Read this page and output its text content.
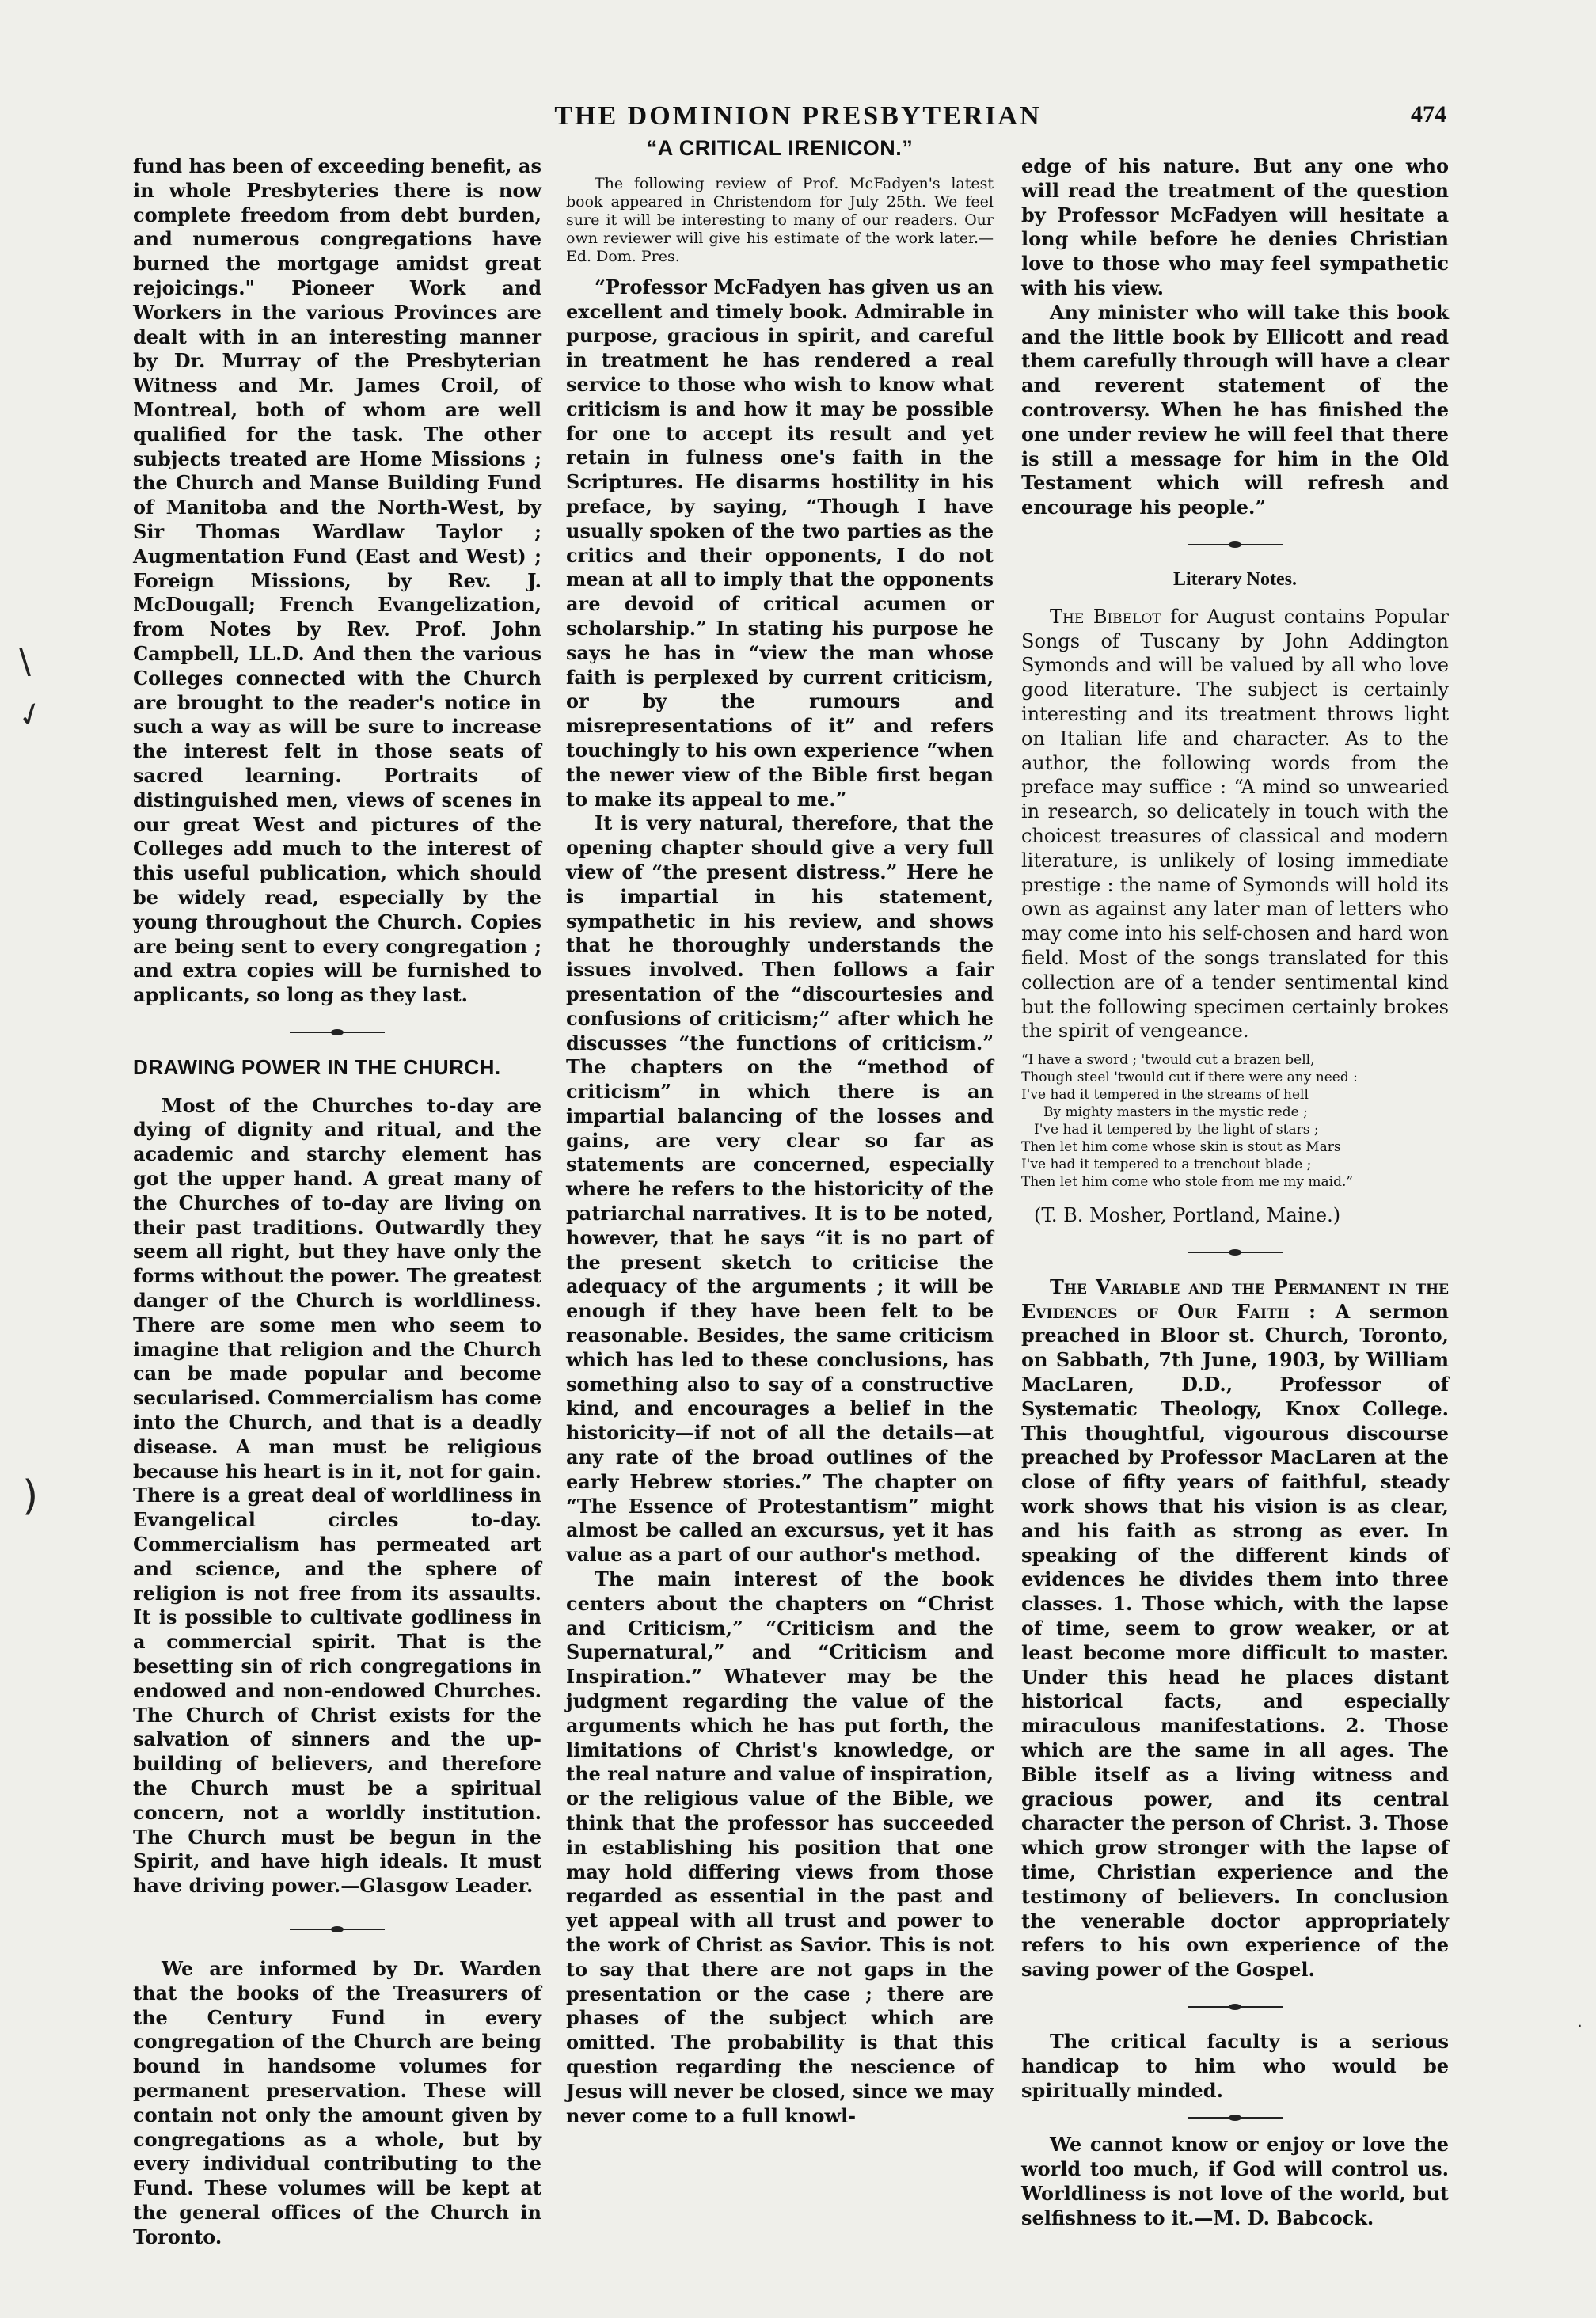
THE DOMINION PRESBYTERIAN	474

fund has been of exceeding benefit, as in whole Presbyteries there is now complete freedom from debt burden, and numerous congregations have burned the mortgage amidst great rejoicings." Pioneer Work and Workers in the various Provinces are dealt with in an interesting manner by Dr. Murray of the Presbyterian Witness and Mr. James Croil, of Montreal, both of whom are well qualified for the task. The other subjects treated are Home Missions ; the Church and Manse Building Fund of Manitoba and the North-West, by Sir Thomas Wardlaw Taylor ; Augmentation Fund (East and West) ; Foreign Missions, by Rev. J. McDougall; French Evangelization, from Notes by Rev. Prof. John Campbell, LL.D. And then the various Colleges connected with the Church are brought to the reader's notice in such a way as will be sure to increase the interest felt in those seats of sacred learning. Portraits of distinguished men, views of scenes in our great West and pictures of the Colleges add much to the interest of this useful publication, which should be widely read, especially by the young throughout the Church. Copies are being sent to every congregation ; and extra copies will be furnished to applicants, so long as they last.

DRAWING POWER IN THE CHURCH.

Most of the Churches to-day are dying of dignity and ritual, and the academic and starchy element has got the upper hand. A great many of the Churches of to-day are living on their past traditions. Outwardly they seem all right, but they have only the forms without the power. The greatest danger of the Church is worldliness. There are some men who seem to imagine that religion and the Church can be made popular and become secularised. Commercialism has come into the Church, and that is a deadly disease. A man must be religious because his heart is in it, not for gain. There is a great deal of worldliness in Evangelical circles to-day. Commercialism has permeated art and science, and the sphere of religion is not free from its assaults. It is possible to cultivate godliness in a commercial spirit. That is the besetting sin of rich congregations in endowed and non-endowed Churches. The Church of Christ exists for the salvation of sinners and the up-building of believers, and therefore the Church must be a spiritual concern, not a worldly institution. The Church must be begun in the Spirit, and have high ideals. It must have driving power.—Glasgow Leader.

We are informed by Dr. Warden that the books of the Treasurers of the Century Fund in every congregation of the Church are being bound in handsome volumes for permanent preservation. These will contain not only the amount given by congregations as a whole, but by every individual contributing to the Fund. These volumes will be kept at the general offices of the Church in Toronto.

“A CRITICAL IRENICON.”

The following review of Prof. McFadyen's latest book appeared in Christendom for July 25th. We feel sure it will be interesting to many of our readers. Our own reviewer will give his estimate of the work later.—Ed. Dom. Pres.

“Professor McFadyen has given us an excellent and timely book. Admirable in purpose, gracious in spirit, and careful in treatment he has rendered a real service to those who wish to know what criticism is and how it may be possible for one to accept its result and yet retain in fulness one's faith in the Scriptures. He disarms hostility in his preface, by saying, “Though I have usually spoken of the two parties as the critics and their opponents, I do not mean at all to imply that the opponents are devoid of critical acumen or scholarship.” In stating his purpose he says he has in “view the man whose faith is perplexed by current criticism, or by the rumours and misrepresentations of it” and refers touchingly to his own experience “when the newer view of the Bible first began to make its appeal to me.”

It is very natural, therefore, that the opening chapter should give a very full view of “the present distress.” Here he is impartial in his statement, sympathetic in his review, and shows that he thoroughly understands the issues involved. Then follows a fair presentation of the “discourtesies and confusions of criticism;” after which he discusses “the functions of criticism.” The chapters on the “method of criticism” in which there is an impartial balancing of the losses and gains, are very clear so far as statements are concerned, especially where he refers to the historicity of the patriarchal narratives. It is to be noted, however, that he says “it is no part of the present sketch to criticise the adequacy of the arguments ; it will be enough if they have been felt to be reasonable. Besides, the same criticism which has led to these conclusions, has something also to say of a constructive kind, and encourages a belief in the historicity—if not of all the details—at any rate of the broad outlines of the early Hebrew stories.” The chapter on “The Essence of Protestantism” might almost be called an excursus, yet it has value as a part of our author's method.

The main interest of the book centers about the chapters on “Christ and Criticism,” “Criticism and the Supernatural,” and “Criticism and Inspiration.” Whatever may be the judgment regarding the value of the arguments which he has put forth, the limitations of Christ's knowledge, or the real nature and value of inspiration, or the religious value of the Bible, we think that the professor has succeeded in establishing his position that one may hold differing views from those regarded as essential in the past and yet appeal with all trust and power to the work of Christ as Savior. This is not to say that there are not gaps in the presentation or the case ; there are phases of the subject which are omitted. The probability is that this question regarding the nescience of Jesus will never be closed, since we may never come to a full knowl-

edge of his nature. But any one who will read the treatment of the question by Professor McFadyen will hesitate a long while before he denies Christian love to those who may feel sympathetic with his view.

Any minister who will take this book and the little book by Ellicott and read them carefully through will have a clear and reverent statement of the controversy. When he has finished the one under review he will feel that there is still a message for him in the Old Testament which will refresh and encourage his people.”

Literary Notes.

The Bibelot for August contains Popular Songs of Tuscany by John Addington Symonds and will be valued by all who love good literature. The subject is certainly interesting and its treatment throws light on Italian life and character. As to the author, the following words from the preface may suffice : “A mind so unwearied in research, so delicately in touch with the choicest treasures of classical and modern literature, is unlikely of losing immediate prestige : the name of Symonds will hold its own as against any later man of letters who may come into his self-chosen and hard won field. Most of the songs translated for this collection are of a tender sentimental kind but the following specimen certainly brokes the spirit of vengeance.

“I have a sword ; 'twould cut a brazen bell,
Though steel 'twould cut if there were any need :
I've had it tempered in the streams of hell
By mighty masters in the mystic rede ;
I've had it tempered by the light of stars ;
Then let him come whose skin is stout as Mars
I've had it tempered to a trenchout blade ;
Then let him come who stole from me my maid.”
(T. B. Mosher, Portland, Maine.)

The Variable and the Permanent in the Evidences of Our Faith : A sermon preached in Bloor st. Church, Toronto, on Sabbath, 7th June, 1903, by William MacLaren, D.D., Professor of Systematic Theology, Knox College. This thoughtful, vigourous discourse preached by Professor MacLaren at the close of fifty years of faithful, steady work shows that his vision is as clear, and his faith as strong as ever. In speaking of the different kinds of evidences he divides them into three classes. 1. Those which, with the lapse of time, seem to grow weaker, or at least become more difficult to master. Under this head he places distant historical facts, and especially miraculous manifestations. 2. Those which are the same in all ages. The Bible itself as a living witness and gracious power, and its central character the person of Christ. 3. Those which grow stronger with the lapse of time, Christian experience and the testimony of believers. In conclusion the venerable doctor appropriately refers to his own experience of the saving power of the Gospel.

The critical faculty is a serious handicap to him who would be spiritually minded.

We cannot know or enjoy or love the world too much, if God will control us. Worldliness is not love of the world, but selfishness to it.—M. D. Babcock.

\
✓
)
·
